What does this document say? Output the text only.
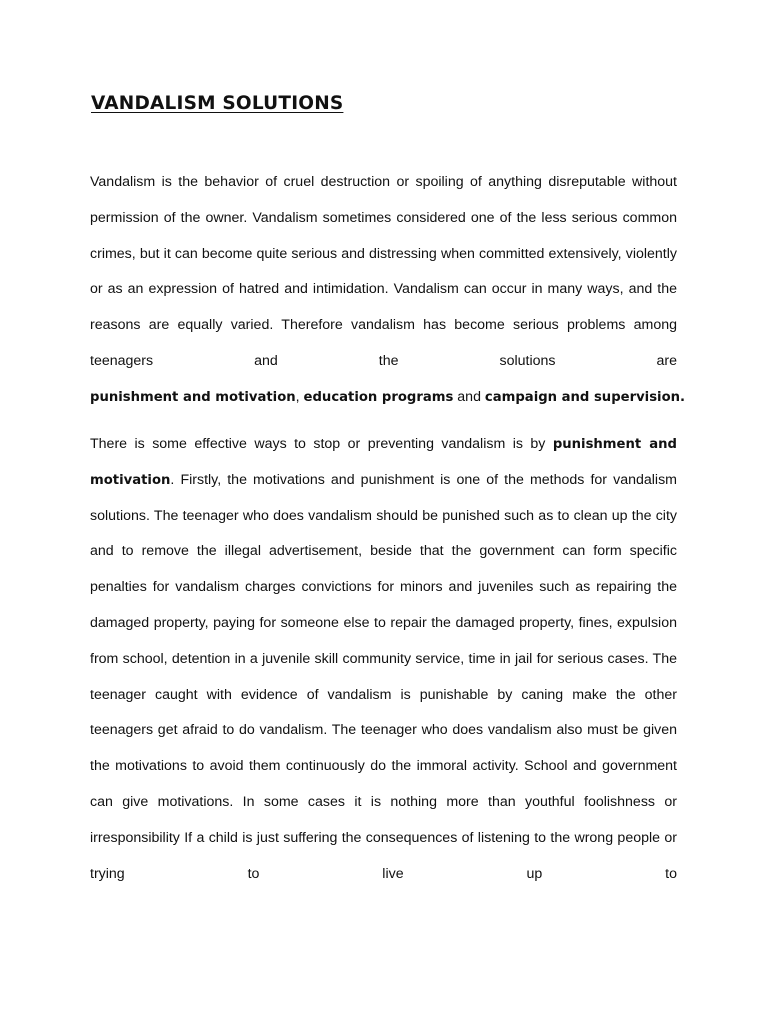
VANDALISM SOLUTIONS

Vandalism is the behavior of cruel destruction or spoiling of anything disreputable without permission of the owner. Vandalism sometimes considered one of the less serious common crimes, but it can become quite serious and distressing when committed extensively, violently or as an expression of hatred and intimidation. Vandalism can occur in many ways, and the reasons are equally varied. Therefore vandalism has become serious problems among teenagers and the solutions are
punishment and motivation, education programs and campaign and supervision.

There is some effective ways to stop or preventing vandalism is by punishment and motivation. Firstly, the motivations and punishment is one of the methods for vandalism solutions. The teenager who does vandalism should be punished such as to clean up the city and to remove the illegal advertisement, beside that the government can form specific penalties for vandalism charges convictions for minors and juveniles such as repairing the damaged property, paying for someone else to repair the damaged property, fines, expulsion from school, detention in a juvenile skill community service, time in jail for serious cases. The teenager caught with evidence of vandalism is punishable by caning make the other teenagers get afraid to do vandalism. The teenager who does vandalism also must be given the motivations to avoid them continuously do the immoral activity. School and government can give motivations. In some cases it is nothing more than youthful foolishness or irresponsibility If a child is just suffering the consequences of listening to the wrong people or trying to live up to
